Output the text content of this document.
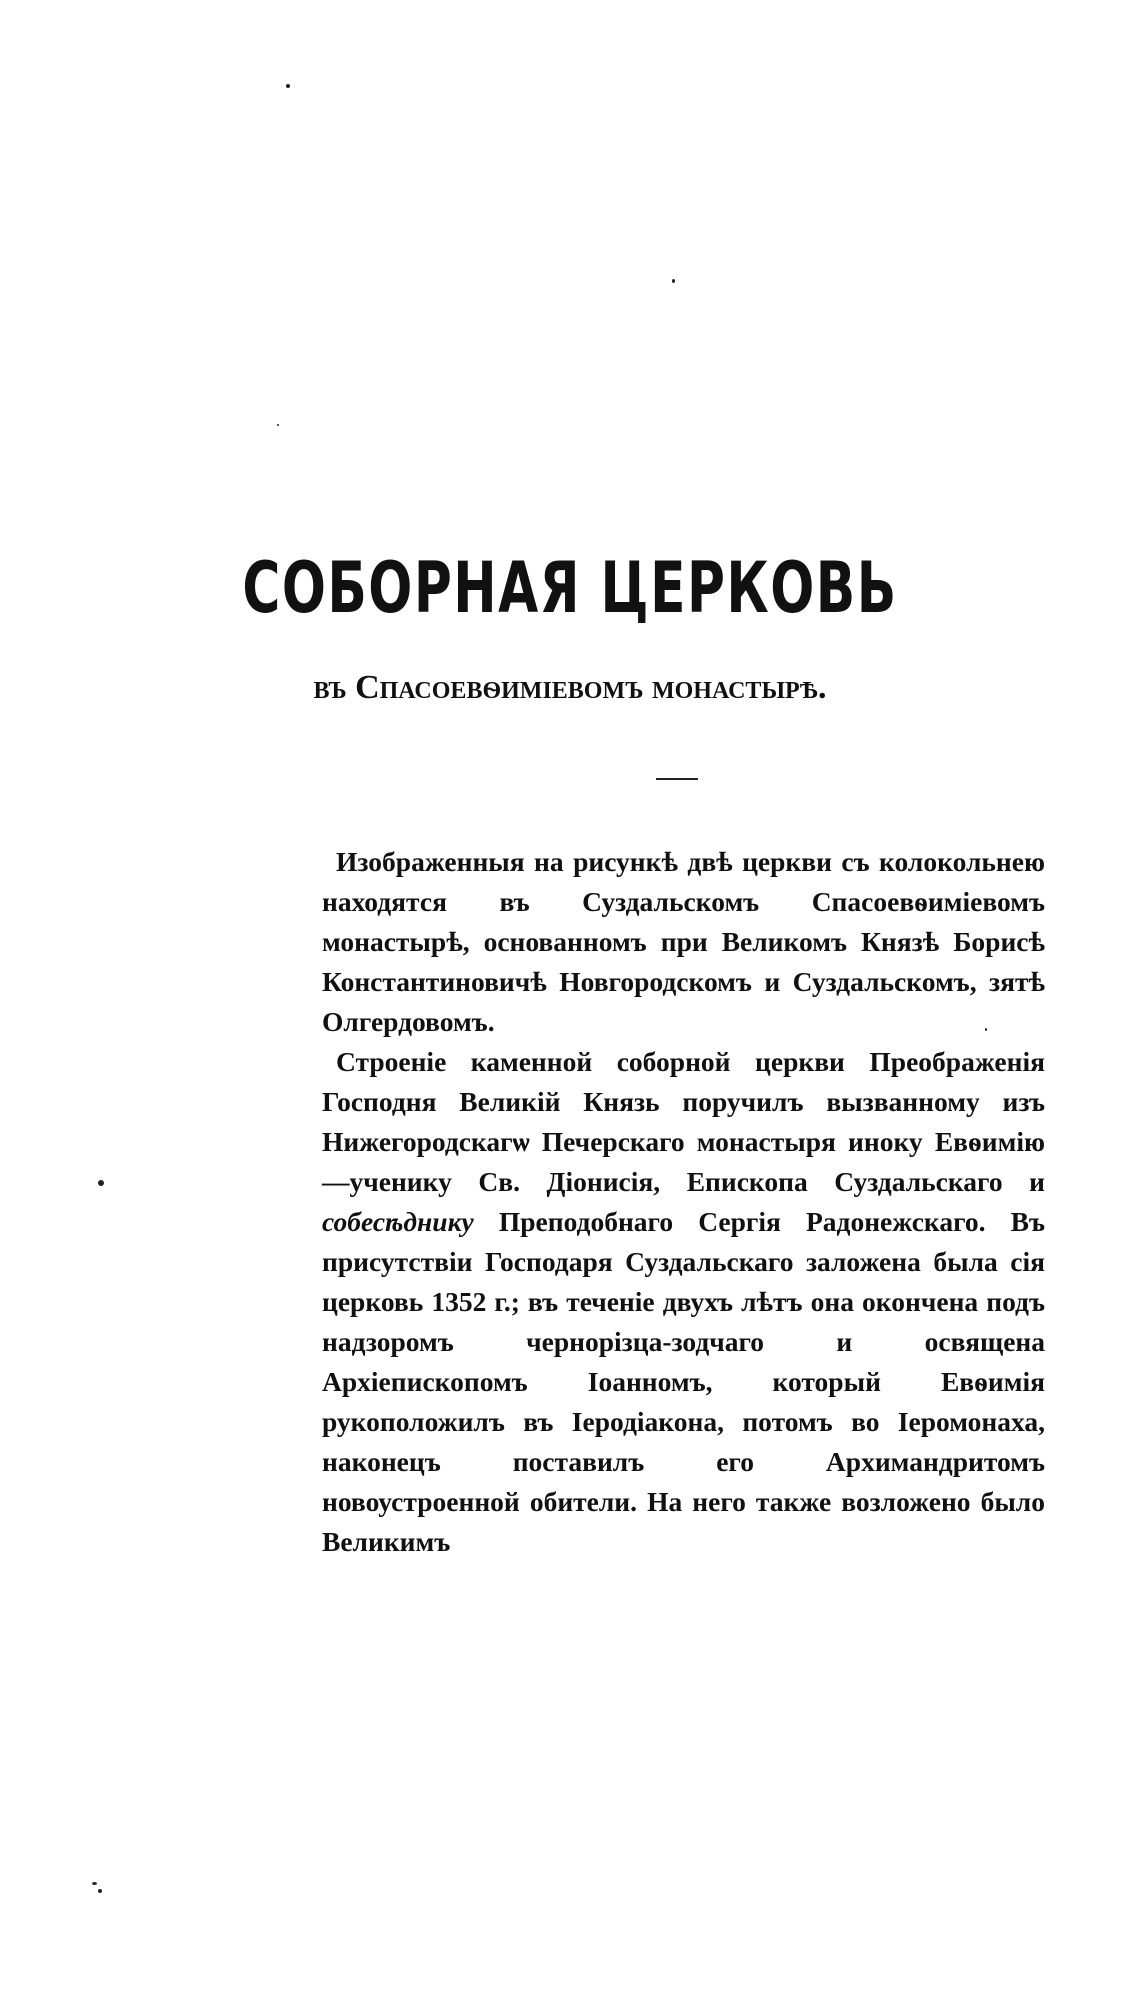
СОБОРНАЯ ЦЕРКОВЬ
въ Спасоевѳиміевомъ монастырѣ.

Изображенныя на рисункѣ двѣ церкви съ колокольнею находятся въ Суздальскомъ Спасоевѳиміевомъ монастырѣ, основанномъ при Великомъ Князѣ Борисѣ Константиновичѣ Новгородскомъ и Суздальскомъ, зятѣ Олгердовомъ.

Строеніе каменной соборной церкви Преображенія Господня Великій Князь поручилъ вызванному изъ Нижегородскагѡ Печерскаго монастыря иноку Евѳимію—ученику Св. Діонисія, Епископа Суздальскаго и собесѣднику Преподобнаго Сергія Радонежскаго. Въ присутствіи Господаря Суздальскаго заложена была сія церковь 1352 г.; въ теченіе двухъ лѣтъ она окончена подъ надзоромъ чернорізца-зодчаго и освящена Архіепископомъ Іоанномъ, который Евѳимія рукоположилъ въ Іеродіакона, потомъ во Іеромонаха, наконецъ поставилъ его Архимандритомъ новоустроенной обители. На него также возложено было Великимъ
